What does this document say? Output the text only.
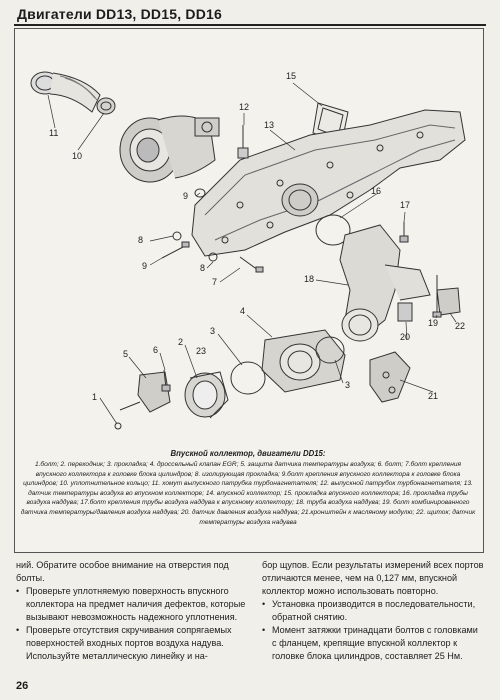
Двигатели DD13, DD15, DD16
11
10
15
12
13
9	16
17
8
9	8
7	18
4
3
2
23
6
5
1
3
20
19 22
21
Впускной коллектор, двигатели DD15:
1.болт; 2. переходник; 3. прокладка; 4. дроссельный клапан EGR; 5. защита датчика температуры воздуха; 6. болт; 7.болт крепления впускного коллектора к головке блока цилиндров; 8. изолирующая прокладка; 9.болт крепления впускного коллектора к головке блока цилиндров; 10. уплотнительное кольцо; 11. хомут выпускного патрубка турбонагнетателя; 12. выпускной патрубок турбонагнетателя; 13. датчик температуры воздуха во впускном коллекторе; 14. впускной коллектор; 15. прокладка впускного коллектора; 16. прокладка трубы воздуха наддува; 17.болт крепления трубы воздуха наддува к впускному коллектору; 18. труба воздуха наддува; 19. болт комбинированного датчика температуры/давления воздуха наддува; 20. датчик давления воздуха наддува; 21.кронштейн к масляному модулю; 22. щиток; датчик температуры воздуха надувва

ний. Обратите особое внимание на отверстия под болты.

• Проверьте уплотняемую поверхность впускного коллектора на предмет наличия дефектов, которые вызывают невозможность надежного уплотнения.
• Проверьте отсутствия скручивания сопрягаемых поверхностей входных портов воздуха надува. Используйте металлическую линейку и на-

бор щупов. Если результаты измерений всех портов отличаются менее, чем на 0,127 мм, впускной коллектор можно использовать повторно.

• Установка производится в последовательности, обратной снятию.
• Момент затяжки тринадцати болтов с головками с фланцем, крепящие впускной коллектор к головке блока цилиндров, составляет 25 Нм.
26
